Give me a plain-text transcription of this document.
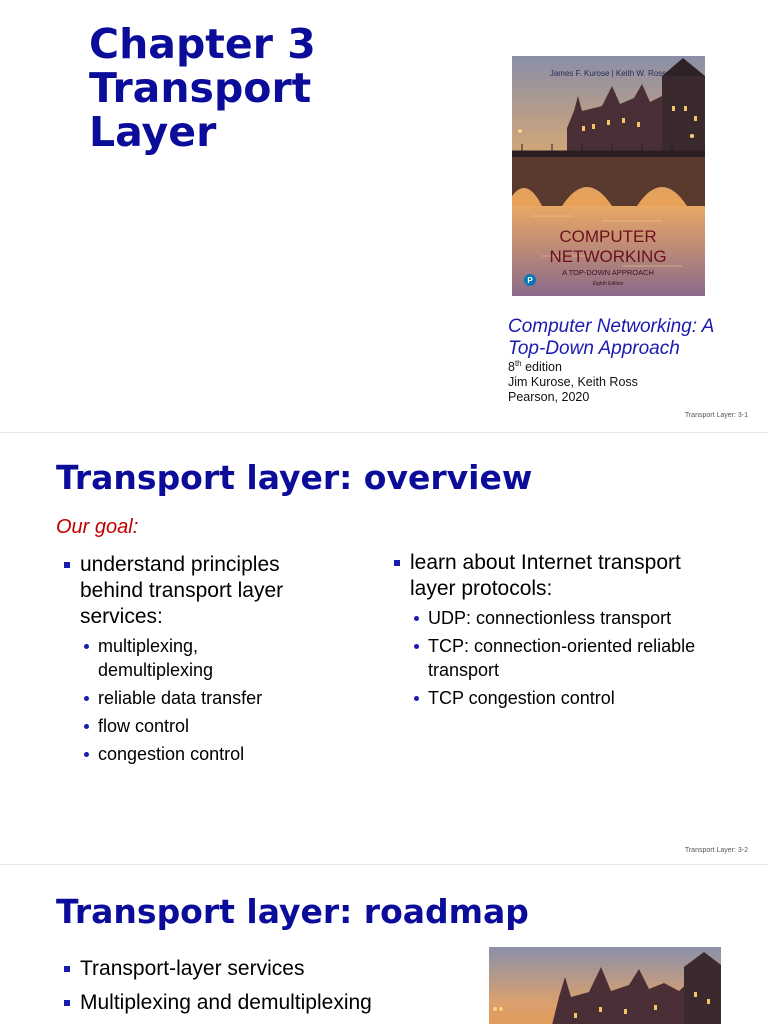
Chapter 3
Transport
Layer
James F. Kurose | Keith W. Ross
COMPUTER
NETWORKING
A TOP-DOWN APPROACH
Eighth Edition
P
Computer Networking: A
Top-Down Approach
8th edition
Jim Kurose, Keith Ross
Pearson, 2020
Transport Layer: 3-1
Transport layer: overview
Our goal:
understand principles
behind transport layer
services:
multiplexing,
demultiplexing
reliable data transfer
flow control
congestion control
learn about Internet transport
layer protocols:
UDP: connectionless transport
TCP: connection-oriented reliable
transport
TCP congestion control
Transport Layer: 3-2
Transport layer: roadmap
Transport-layer services
Multiplexing and demultiplexing
